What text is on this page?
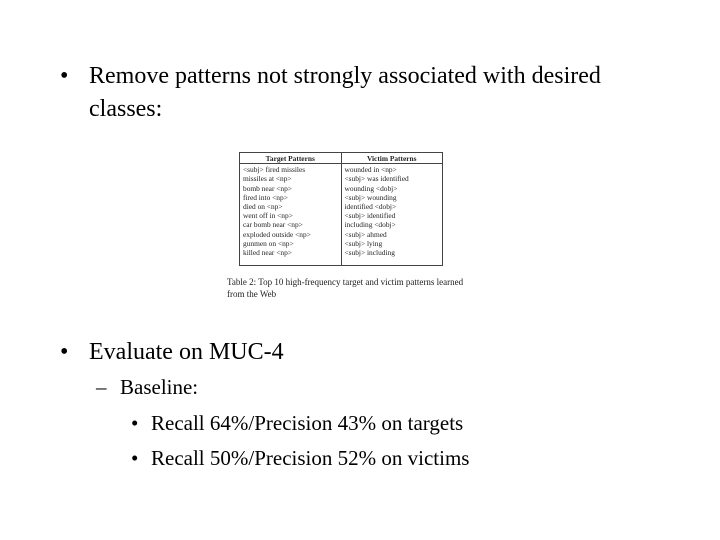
• Remove patterns not strongly associated with desired classes:
Target Patterns
<subj> fired missiles
missiles at <np>
bomb near <np>
fired into <np>
died on <np>
went off in <np>
car bomb near <np>
exploded outside <np>
gunmen on <np>
killed near <np>
Victim Patterns
wounded in <np>
<subj> was identified
wounding <dobj>
<subj> wounding
identified <dobj>
<subj> identified
including <dobj>
<subj> ahmed
<subj> lying
<subj> including
Table 2: Top 10 high-frequency target and victim patterns learned from the Web
• Evaluate on MUC-4
– Baseline:
• Recall 64%/Precision 43% on targets
• Recall 50%/Precision 52% on victims
